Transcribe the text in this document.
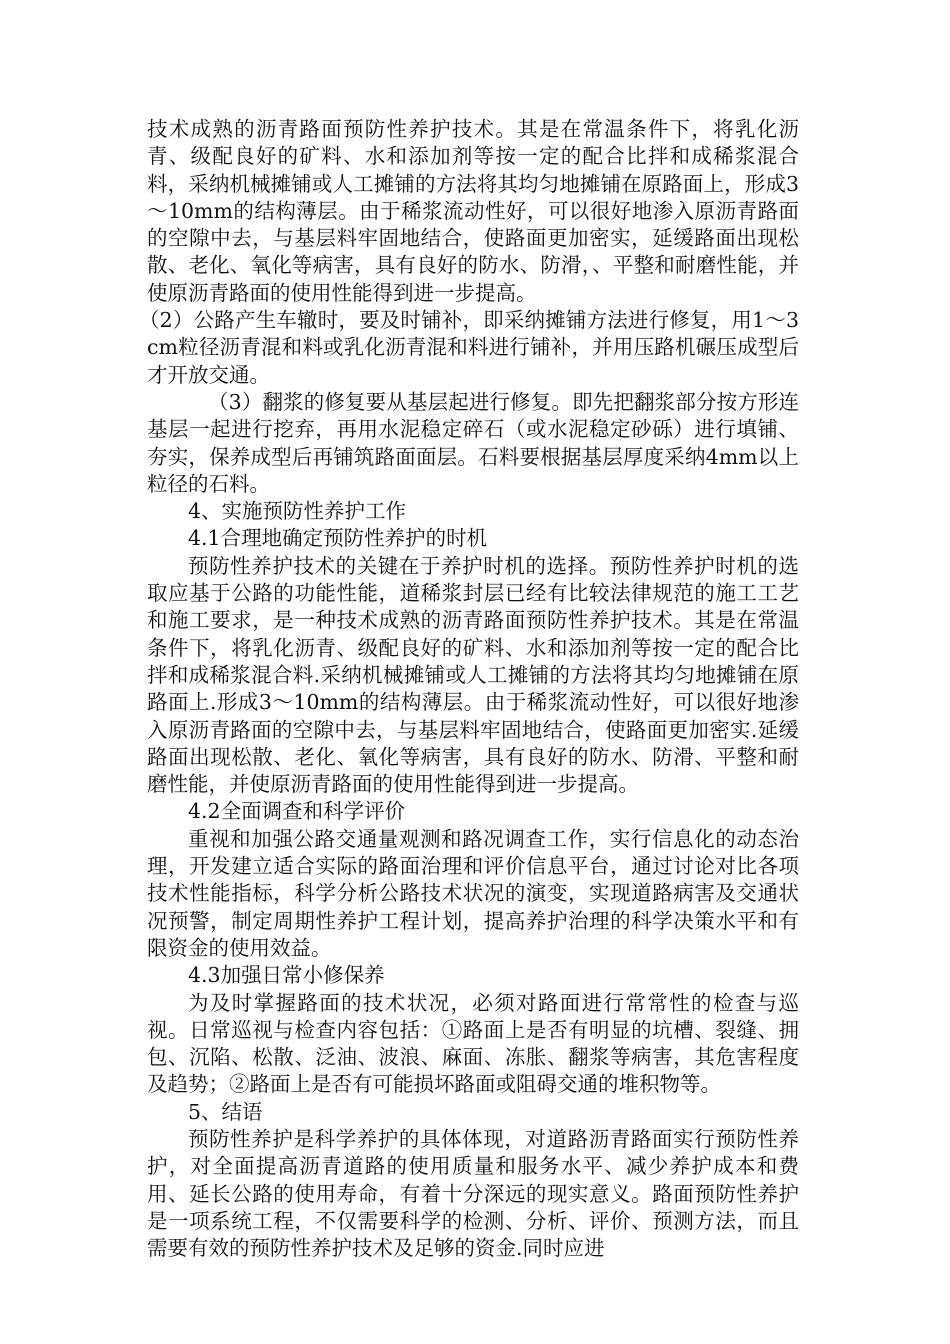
技术成熟的沥青路面预防性养护技术。其是在常温条件下，将乳化沥青、级配良好的矿料、水和添加剂等按一定的配合比拌和成稀浆混合料，采纳机械摊铺或人工摊铺的方法将其均匀地摊铺在原路面上，形成3～10mm的结构薄层。由于稀浆流动性好，可以很好地渗入原沥青路面的空隙中去，与基层料牢固地结合，使路面更加密实，延缓路面出现松散、老化、氧化等病害，具有良好的防水、防滑，、平整和耐磨性能，并使原沥青路面的使用性能得到进一步提高。

（2）公路产生车辙时，要及时铺补，即采纳摊铺方法进行修复，用1～3cm粒径沥青混和料或乳化沥青混和料进行铺补，并用压路机碾压成型后才开放交通。

（3）翻浆的修复要从基层起进行修复。即先把翻浆部分按方形连基层一起进行挖弃，再用水泥稳定碎石（或水泥稳定砂砾）进行填铺、夯实，保养成型后再铺筑路面面层。石料要根据基层厚度采纳4mm以上粒径的石料。

4、实施预防性养护工作

4.1合理地确定预防性养护的时机

预防性养护技术的关键在于养护时机的选择。预防性养护时机的选取应基于公路的功能性能，道稀浆封层已经有比较法律规范的施工工艺和施工要求，是一种技术成熟的沥青路面预防性养护技术。其是在常温条件下，将乳化沥青、级配良好的矿料、水和添加剂等按一定的配合比拌和成稀浆混合料.采纳机械摊铺或人工摊铺的方法将其均匀地摊铺在原路面上.形成3～10mm的结构薄层。由于稀浆流动性好，可以很好地渗入原沥青路面的空隙中去，与基层料牢固地结合，使路面更加密实.延缓路面出现松散、老化、氧化等病害，具有良好的防水、防滑、平整和耐磨性能，并使原沥青路面的使用性能得到进一步提高。

4.2全面调查和科学评价

重视和加强公路交通量观测和路况调查工作，实行信息化的动态治理，开发建立适合实际的路面治理和评价信息平台，通过讨论对比各项技术性能指标，科学分析公路技术状况的演变，实现道路病害及交通状况预警，制定周期性养护工程计划，提高养护治理的科学决策水平和有限资金的使用效益。

4.3加强日常小修保养

为及时掌握路面的技术状况，必须对路面进行常常性的检查与巡视。日常巡视与检查内容包括：①路面上是否有明显的坑槽、裂缝、拥包、沉陷、松散、泛油、波浪、麻面、冻胀、翻浆等病害，其危害程度及趋势；②路面上是否有可能损坏路面或阻碍交通的堆积物等。

5、结语

预防性养护是科学养护的具体体现，对道路沥青路面实行预防性养护，对全面提高沥青道路的使用质量和服务水平、减少养护成本和费用、延长公路的使用寿命，有着十分深远的现实意义。路面预防性养护是一项系统工程，不仅需要科学的检测、分析、评价、预测方法，而且需要有效的预防性养护技术及足够的资金.同时应进
